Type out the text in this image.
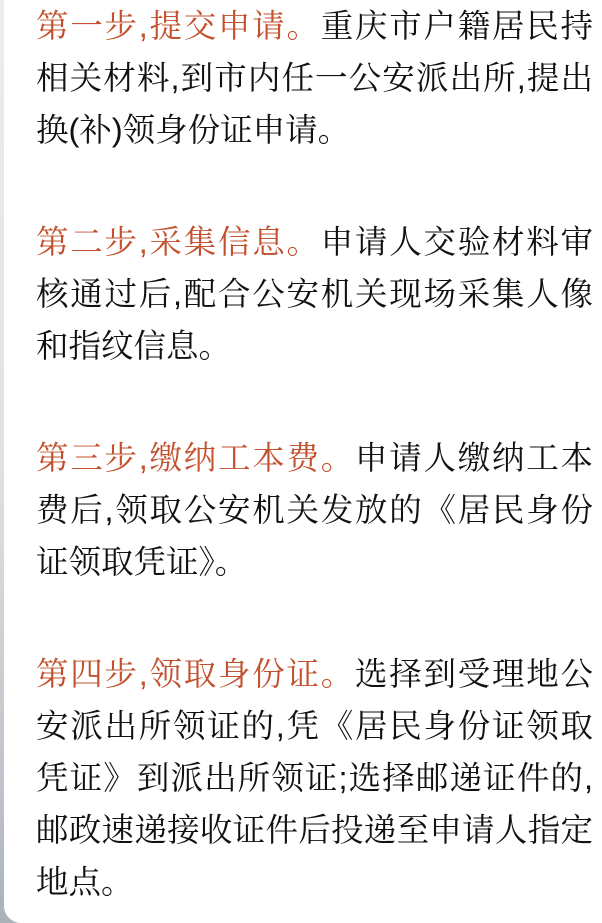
第一步,提交申请。重庆市户籍居民持相关材料,到市内任一公安派出所,提出换(补)领身份证申请。

第二步,采集信息。申请人交验材料审核通过后,配合公安机关现场采集人像和指纹信息。

第三步,缴纳工本费。申请人缴纳工本费后,领取公安机关发放的《居民身份证领取凭证》。

第四步,领取身份证。选择到受理地公安派出所领证的,凭《居民身份证领取凭证》到派出所领证;选择邮递证件的,邮政速递接收证件后投递至申请人指定地点。
